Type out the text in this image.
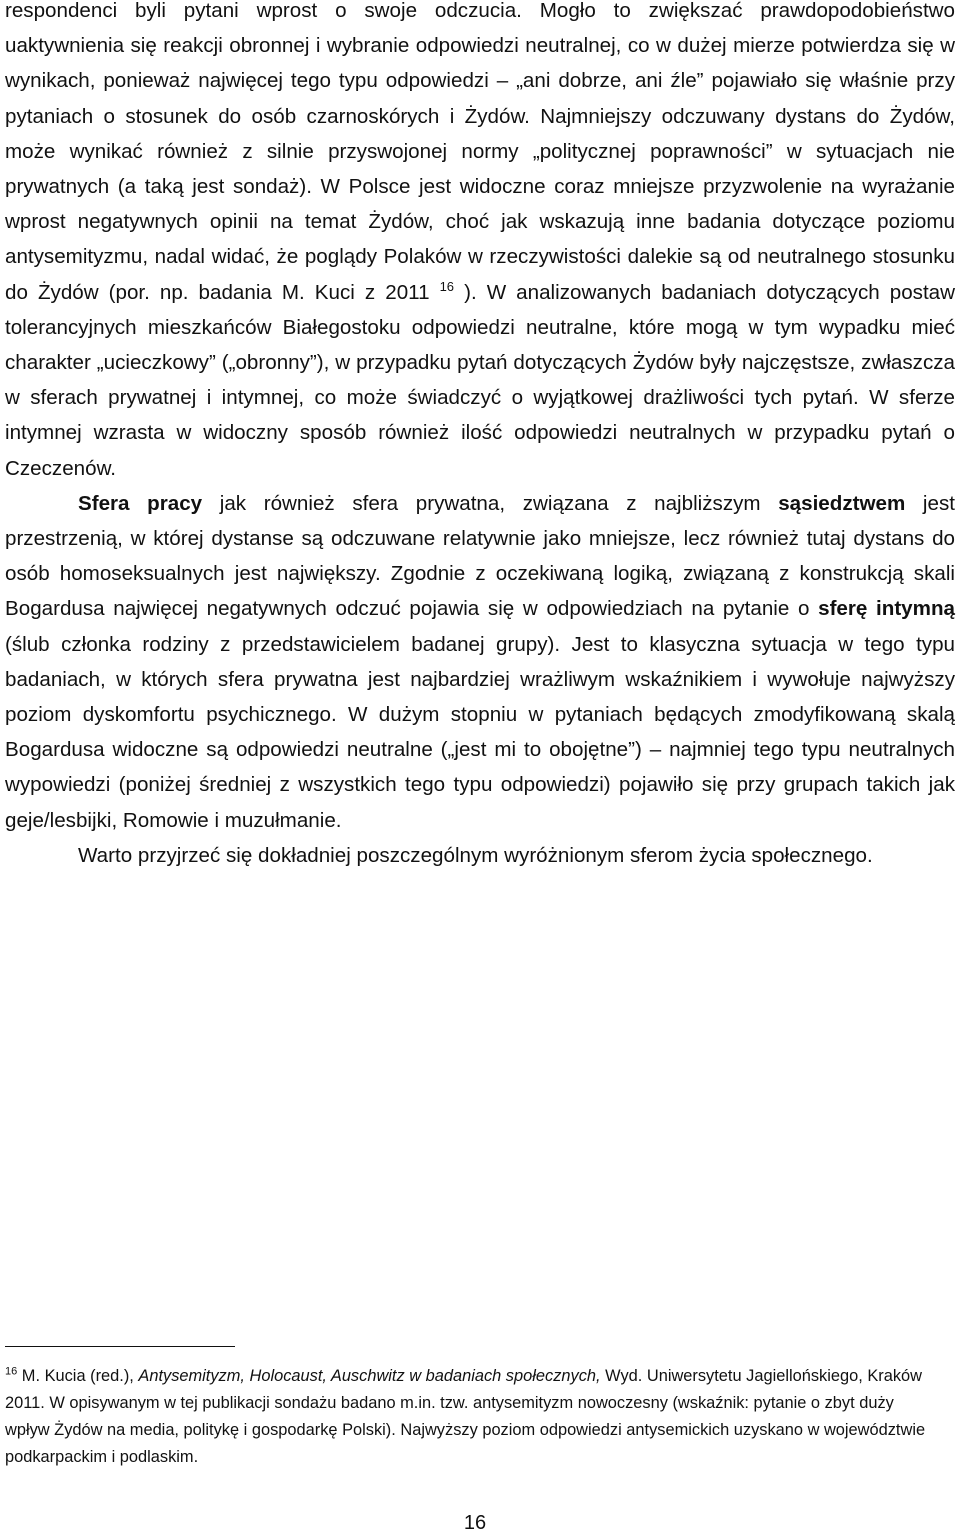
respondenci byli pytani wprost o swoje odczucia. Mogło to zwiększać prawdopodobieństwo uaktywnienia się reakcji obronnej i wybranie odpowiedzi neutralnej, co w dużej mierze potwierdza się w wynikach, ponieważ najwięcej tego typu odpowiedzi – „ani dobrze, ani źle” pojawiało się właśnie przy pytaniach o stosunek do osób czarnoskórych i Żydów. Najmniejszy odczuwany dystans do Żydów, może wynikać również z silnie przyswojonej normy „politycznej poprawności” w sytuacjach nie prywatnych (a taką jest sondaż). W Polsce jest widoczne coraz mniejsze przyzwolenie na wyrażanie wprost negatywnych opinii na temat Żydów, choć jak wskazują inne badania dotyczące poziomu antysemityzmu, nadal widać, że poglądy Polaków w rzeczywistości dalekie są od neutralnego stosunku do Żydów (por. np. badania M. Kuci z 2011 $^{16}$ ). W analizowanych badaniach dotyczących postaw tolerancyjnych mieszkańców Białegostoku odpowiedzi neutralne, które mogą w tym wypadku mieć charakter „ucieczkowy” („obronny”), w przypadku pytań dotyczących Żydów były najczęstsze, zwłaszcza w sferach prywatnej i intymnej, co może świadczyć o wyjątkowej drażliwości tych pytań. W sferze intymnej wzrasta w widoczny sposób również ilość odpowiedzi neutralnych w przypadku pytań o Czeczenów.

Sfera pracy jak również sfera prywatna, związana z najbliższym sąsiedztwem jest przestrzenią, w której dystanse są odczuwane relatywnie jako mniejsze, lecz również tutaj dystans do osób homoseksualnych jest największy. Zgodnie z oczekiwaną logiką, związaną z konstrukcją skali Bogardusa najwięcej negatywnych odczuć pojawia się w odpowiedziach na pytanie o sferę intymną (ślub członka rodziny z przedstawicielem badanej grupy). Jest to klasyczna sytuacja w tego typu badaniach, w których sfera prywatna jest najbardziej wrażliwym wskaźnikiem i wywołuje najwyższy poziom dyskomfortu psychicznego. W dużym stopniu w pytaniach będących zmodyfikowaną skalą Bogardusa widoczne są odpowiedzi neutralne („jest mi to obojętne”) – najmniej tego typu neutralnych wypowiedzi (poniżej średniej z wszystkich tego typu odpowiedzi) pojawiło się przy grupach takich jak geje/lesbijki, Romowie i muzułmanie.

Warto przyjrzeć się dokładniej poszczególnym wyróżnionym sferom życia społecznego.

$^{16}$ M. Kucia (red.), Antysemityzm, Holocaust, Auschwitz w badaniach społecznych, Wyd. Uniwersytetu Jagiellońskiego, Kraków 2011. W opisywanym w tej publikacji sondażu badano m.in. tzw. antysemityzm nowoczesny (wskaźnik: pytanie o zbyt duży wpływ Żydów na media, politykę i gospodarkę Polski). Najwyższy poziom odpowiedzi antysemickich uzyskano w województwie podkarpackim i podlaskim.

16
